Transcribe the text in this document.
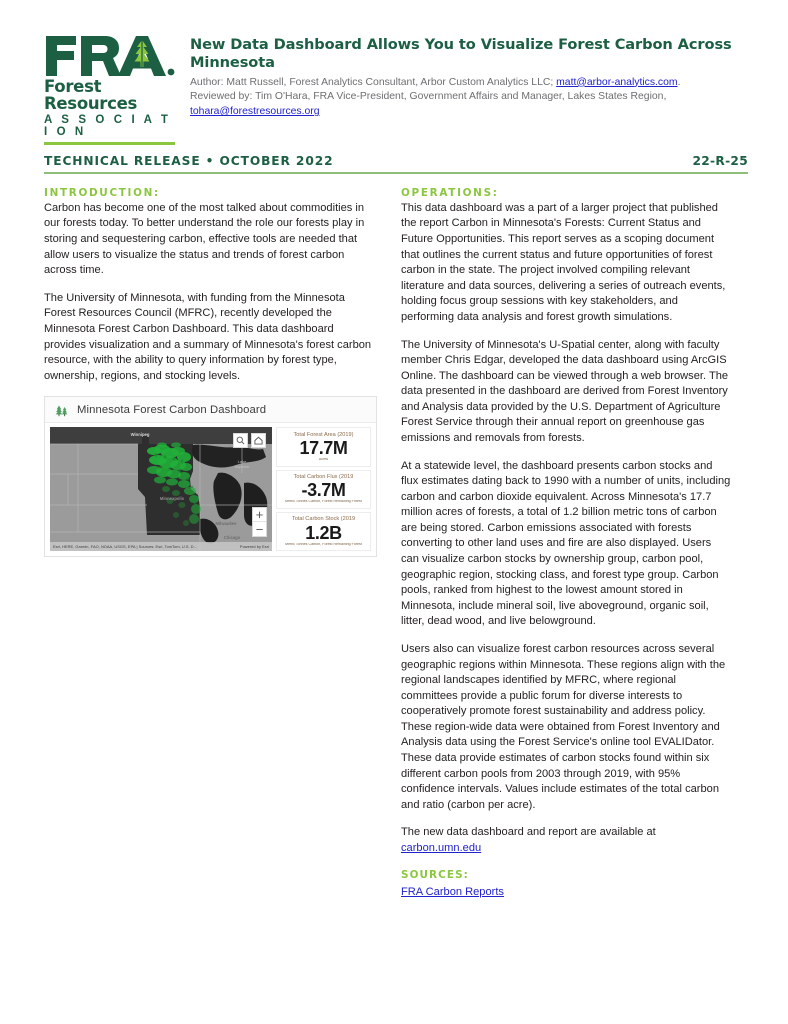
Forest Resources
A S S O C I A T I O N
New Data Dashboard Allows You to Visualize Forest Carbon Across Minnesota
Author: Matt Russell, Forest Analytics Consultant, Arbor Custom Analytics LLC; matt@arbor-analytics.com.
Reviewed by: Tim O'Hara, FRA Vice-President, Government Affairs and Manager, Lakes States Region,
tohara@forestresources.org
TECHNICAL RELEASE • OCTOBER 2022	22-R-25
INTRODUCTION:

Carbon has become one of the most talked about commodities in our forests today. To better understand the role our forests play in storing and sequestering carbon, effective tools are needed that allow users to visualize the status and trends of forest carbon across time.

The University of Minnesota, with funding from the Minnesota Forest Resources Council (MFRC), recently developed the Minnesota Forest Carbon Dashboard. This data dashboard provides visualization and a summary of Minnesota's forest carbon resource, with the ability to query information by forest type, ownership, regions, and stocking levels.

Minnesota Forest Carbon Dashboard
Winnipeg
Lake
Superior
Minneapolis
Milwaukee
Chicago
+
−
Esri, HERE, Garmin, FAO, NOAA, USGS, EPA | Sources: Esri, TomTom, U.S. D...	Powered by Esri
Total Forest Area (2019)
17.7M
Acres
Total Carbon Flux (2019
-3.7M
Metric Tonnes Carbon, Forest Remaining Forest
Total Carbon Stock (2019
1.2B
Metric Tonnes Carbon, Forest Remaining Forest
OPERATIONS:

This data dashboard was a part of a larger project that published the report Carbon in Minnesota's Forests: Current Status and Future Opportunities. This report serves as a scoping document that outlines the current status and future opportunities of forest carbon in the state. The project involved compiling relevant literature and data sources, delivering a series of outreach events, holding focus group sessions with key stakeholders, and performing data analysis and forest growth simulations.

The University of Minnesota's U-Spatial center, along with faculty member Chris Edgar, developed the data dashboard using ArcGIS Online. The dashboard can be viewed through a web browser. The data presented in the dashboard are derived from Forest Inventory and Analysis data provided by the U.S. Department of Agriculture Forest Service through their annual report on greenhouse gas emissions and removals from forests.

At a statewide level, the dashboard presents carbon stocks and flux estimates dating back to 1990 with a number of units, including carbon and carbon dioxide equivalent. Across Minnesota's 17.7 million acres of forests, a total of 1.2 billion metric tons of carbon are being stored. Carbon emissions associated with forests converting to other land uses and fire are also displayed. Users can visualize carbon stocks by ownership group, carbon pool, geographic region, stocking class, and forest type group. Carbon pools, ranked from highest to the lowest amount stored in Minnesota, include mineral soil, live aboveground, organic soil, litter, dead wood, and live belowground.

Users also can visualize forest carbon resources across several geographic regions within Minnesota. These regions align with the regional landscapes identified by MFRC, where regional committees provide a public forum for diverse interests to cooperatively promote forest sustainability and address policy. These region-wide data were obtained from Forest Inventory and Analysis data using the Forest Service's online tool EVALIDator. These data provide estimates of carbon stocks found within six different carbon pools from 2003 through 2019, with 95% confidence intervals. Values include estimates of the total carbon and ratio (carbon per acre).

The new data dashboard and report are available at
carbon.umn.edu

SOURCES:
FRA Carbon Reports
